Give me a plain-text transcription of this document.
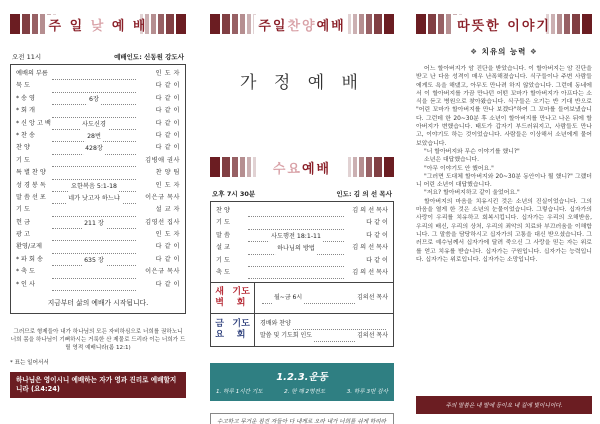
주 일 낮 예 배
오전 11시	예배인도: 신동원 강도사
예배의 부름	인 도 자
묵 도	다 같 이
* 송 영	6장	다 같 이
* 회 개	다 같 이
* 신 앙 고 백	사도신경	다 같 이
* 찬 송	28번	다 같 이
찬 양	428장	다 같 이
기 도	김병애 권사
특 별 찬 양	찬 양 팀
성 경 봉 독	요한복음 5:1-18	인 도 자
말 씀 선 포	네가 낫고자 하느냐	이은규 목사
기 도	설 교 자
헌 금	211 장	김영선 집사
광 고	인 도 자
환영/교제	다 같 이
* 파 회 송	635 장	다 같 이
* 축 도	이은규 목사
* 인 사	다 같 이
지금부터 삶의 예배가 시작됩니다.
그러므로 형제들아 내가 하나님의 모든 자비하심으로 너희를 권하노니 너희 몸을 하나님이 기뻐하시는 거룩한 산 제물로 드리라 이는 너희가 드릴 영적 예배니라(롬 12:1)
* 표는 일어서서
하나님은 영이시니 예배하는 자가 영과 진리로 예배할지니라 (요4:24)
주일찬양예배
가 정 예 배
수요예배
오후 7시 30분	인도: 김 의 선 목사
찬 양	김 의 선 목사
기 도	다 같 이
말 씀	사도행전 18:1-11	다 같 이
설 교	하나님의 방법	김 의 선 목사
기 도	다 같 이
축 도	김 의 선 목사
새벽

기도회
월~금 6시	김의선 목사
금요

기도회
경배와 찬양
말씀 및 기도회 인도	김의선 목사
1.2.3.운동
1. 하루 1시간 기도	2. 한 해 2명전도	3. 하루 3번 감사
수고하고 무거운 짐진 자들아 다 내게로 오라 내가 너희를 쉬게 하리라
따뜻한 이야기
❖ 치유의 능력 ❖

어느 할아버지가 암 진단을 받았습니다. 이 할아버지는 암 진단을 받고 난 다음 성격이 매우 난폭해졌습니다. 식구들이나 주변 사람들에게도 욕을 해댔고, 아무도 만나려 하지 않았습니다. 그런데 동네에서 이 할아버지를 가끔 만나던 어떤 꼬마가 할아버지가 아프다는 소식을 듣고 병원으로 찾아왔습니다. 식구들은 오기는 반 기대 반으로 "어린 꼬마가 할아버지를 만나 보겠다"하여 그 꼬마를 들여보냈습니다. 그런데 한 20~30분 후 소년이 할아버지를 만나고 나온 뒤에 할아버지가 변했습니다. 태도가 갑자기 부드러워지고, 사람들도 만나고, 이야기도 하는 것이었습니다. 사람들은 이상해서 소년에게 물어 보았습니다.

"너 할아버지와 무슨 이야기를 했니?"

소년은 대답했습니다.

"아무 이야기도 안 했어요."

"그러면 도대체 할아버지와 20~30분 동안이나 뭘 했니?" 그랬더니 어린 소년이 대답했습니다.

"저요? 할아버지하고 같이 울었어요."

할아버지의 마음을 치유시킨 것은 소년의 진실이었습니다. 그의 마음을 열게 한 것은 소년의 눈물이었습니다. 그렇습니다. 십자가의 사랑이 우리를 치유하고 회복시킵니다. 십자가는 우리의 오해받음, 우리의 배신, 우리의 상처, 우리의 죄악의 치료와 부끄러움을 이해합니다. 그 말씀을 담당하시고 십자가의 고통을 대신 받으셨습니다. 그러므로 예수님께서 십자가에 달려 죽으신 그 사랑을 믿는 자는 위로를 얻고 치유를 받습니다. 십자가는 구원입니다. 십자가는 능력입니다. 십자가는 위로입니다. 십자가는 소망입니다.

주의 말씀은 내 발에 등이요 내 길에 빛이니이다.
